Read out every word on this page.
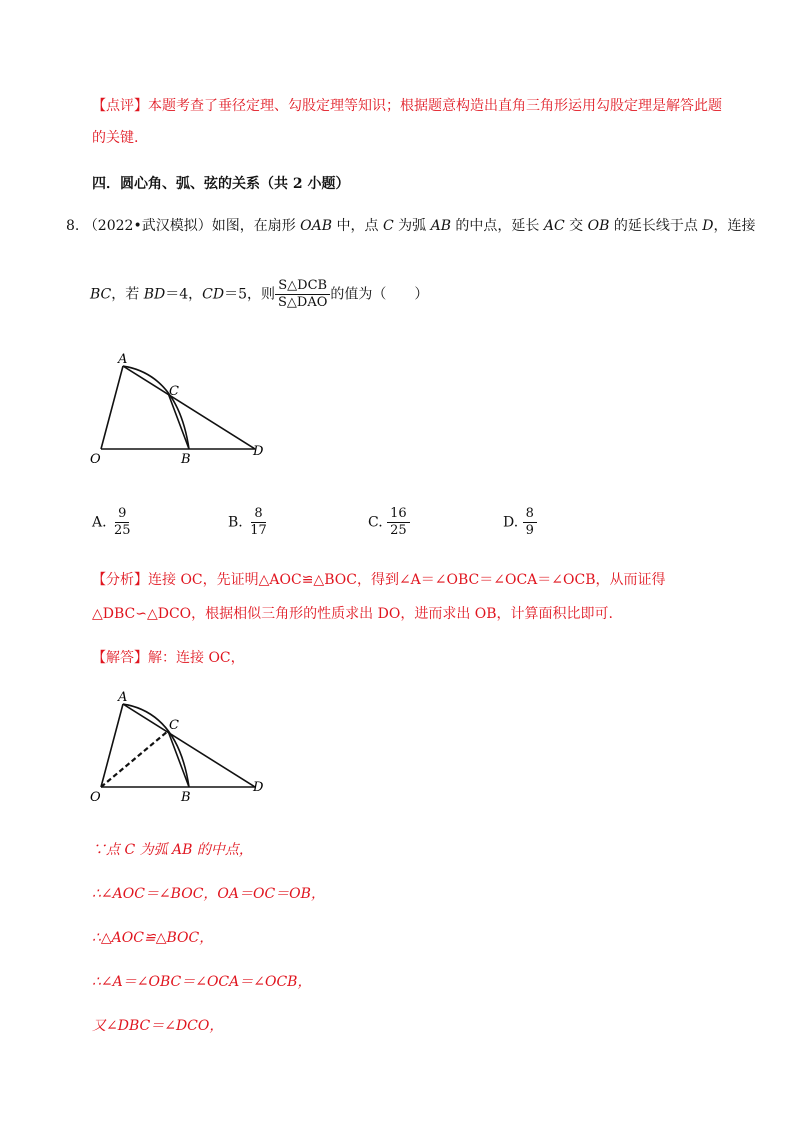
【点评】本题考查了垂径定理、勾股定理等知识；根据题意构造出直角三角形运用勾股定理是解答此题
的关键.
四．圆心角、弧、弦的关系（共 2 小题）
8. （2022•武汉模拟）如图，在扇形 OAB 中，点 C 为弧 AB 的中点，延长 AC 交 OB 的延长线于点 D，连接
BC，若 BD＝4，CD＝5，则 $\frac{\text{S△DCB}}{\text{S△DAO}}$ 的值为（　　）
A
C
D
O	B
A. $\frac{9}{25}$	B. $\frac{8}{17}$	C. $\frac{16}{25}$	D. $\frac{8}{9}$
【分析】连接 OC，先证明△AOC≌△BOC，得到∠A＝∠OBC＝∠OCA＝∠OCB，从而证得
△DBC∽△DCO，根据相似三角形的性质求出 DO，进而求出 OB，计算面积比即可.
【解答】解：连接 OC，
A
C
D
O	B
∵点 C 为弧 AB 的中点，
∴∠AOC＝∠BOC，OA＝OC＝OB，
∴△AOC≌△BOC，
∴∠A＝∠OBC＝∠OCA＝∠OCB，
又∠DBC＝∠DCO，
